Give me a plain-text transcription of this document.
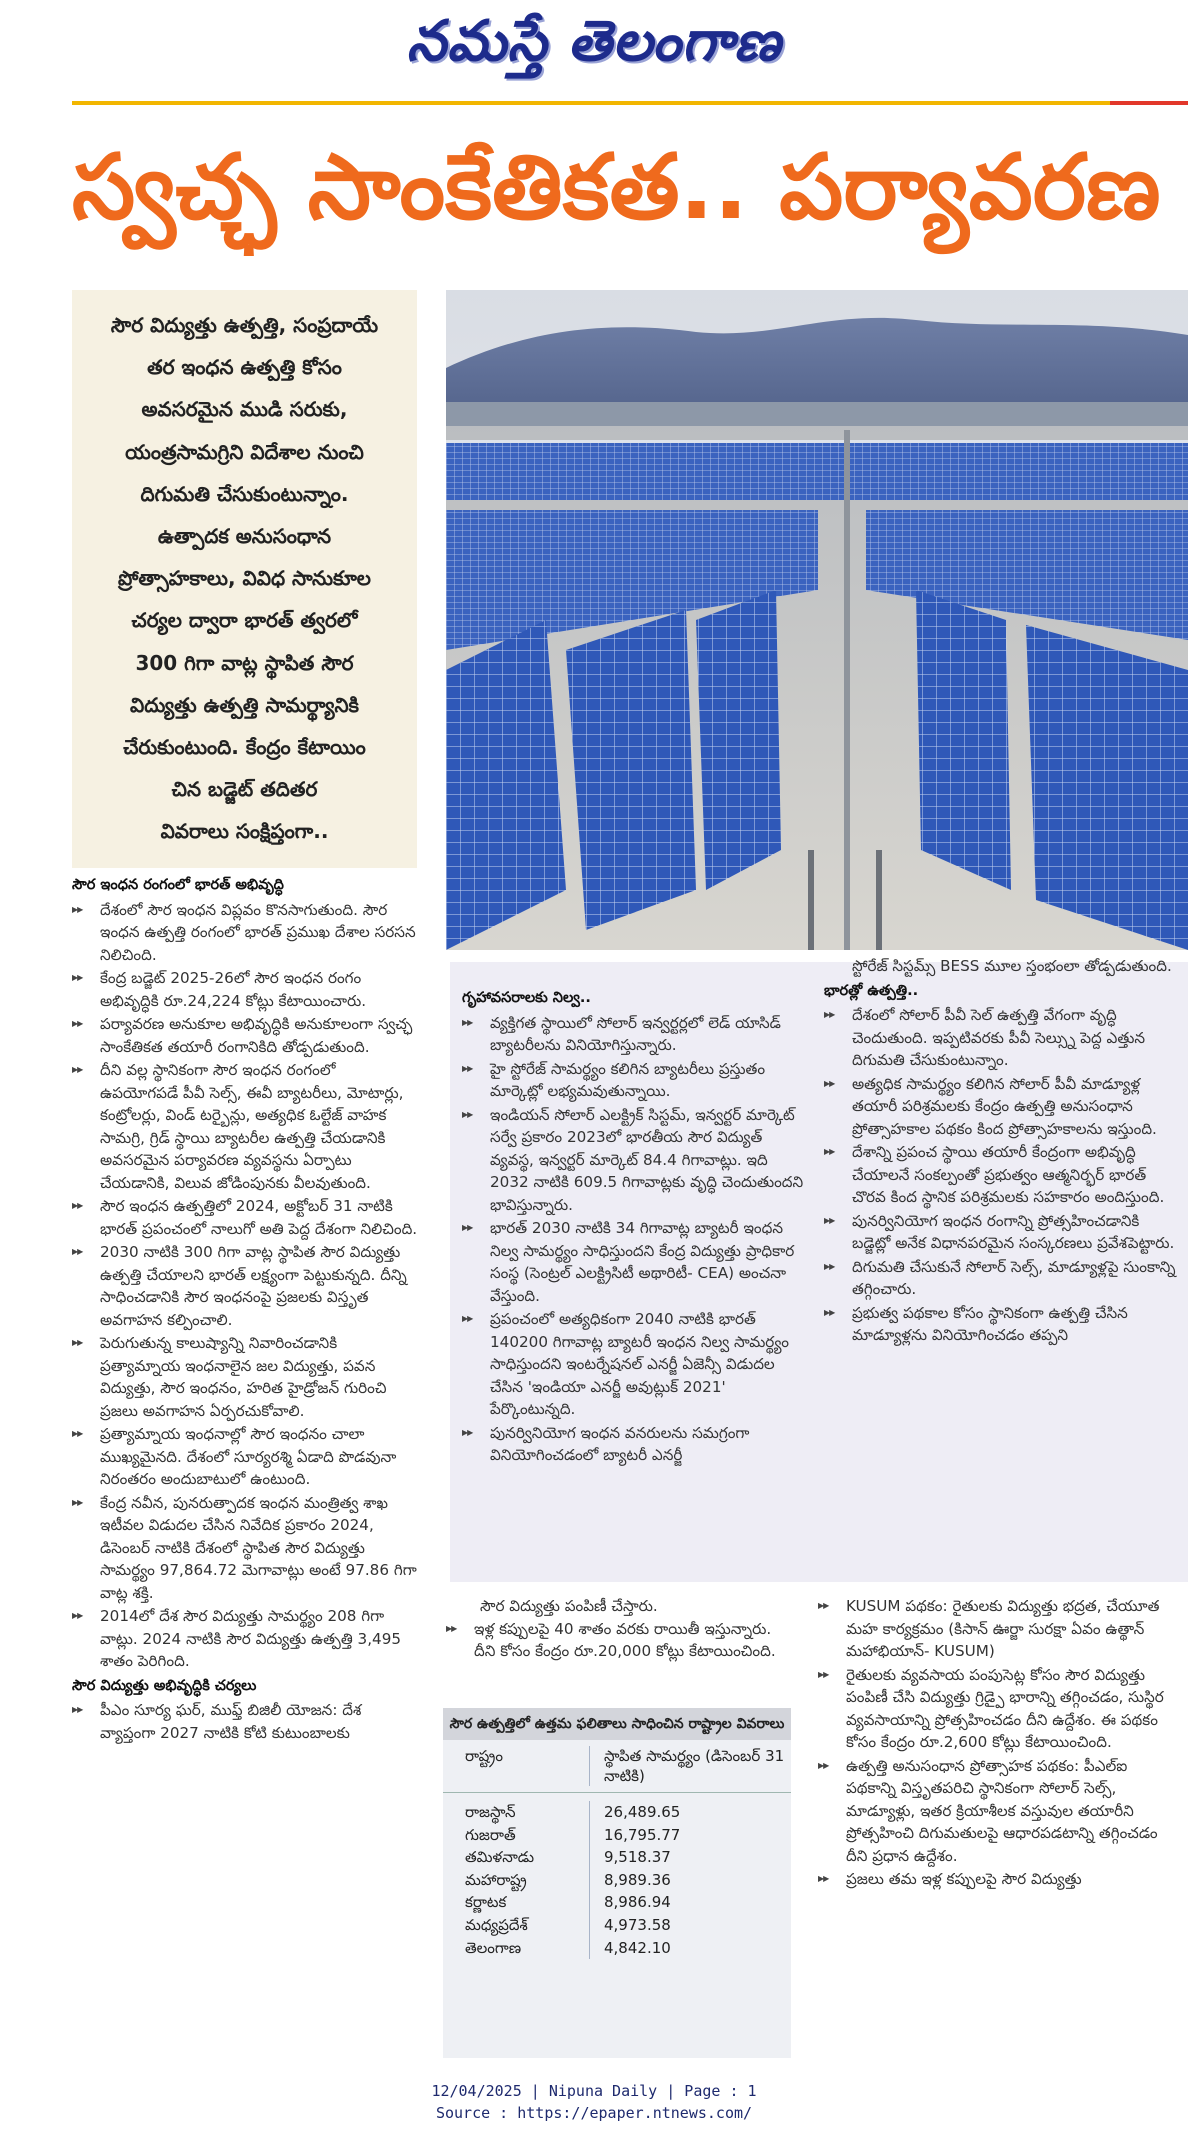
నమస్తే తెలంగాణ
స్వచ్ఛ సాంకేతికత.. పర్యావరణ
సౌర విద్యుత్తు ఉత్పత్తి, సంప్రదాయే
తర ఇంధన ఉత్పత్తి కోసం
అవసరమైన ముడి సరుకు,
యంత్రసామగ్రిని విదేశాల నుంచి
దిగుమతి చేసుకుంటున్నాం.
ఉత్పాదక అనుసంధాన
ప్రోత్సాహకాలు, వివిధ సానుకూల
చర్యల ద్వారా భారత్ త్వరలో
300 గిగా వాట్ల స్థాపిత సౌర
విద్యుత్తు ఉత్పత్తి సామర్థ్యానికి
చేరుకుంటుంది. కేంద్రం కేటాయిం
చిన బడ్జెట్ తదితర
వివరాలు సంక్షిప్తంగా..
సౌర ఇంధన రంగంలో భారత్ అభివృద్ధి
▶▶ దేశంలో సౌర ఇంధన విప్లవం కొనసాగుతుంది. సౌర ఇంధన ఉత్పత్తి రంగంలో భారత్ ప్రముఖ దేశాల సరసన నిలిచింది.
▶▶ కేంద్ర బడ్జెట్ 2025-26లో సౌర ఇంధన రంగం అభివృద్ధికి రూ.24,224 కోట్లు కేటాయించారు.
▶▶ పర్యావరణ అనుకూల అభివృద్ధికి అనుకూలంగా స్వచ్ఛ సాంకేతికత తయారీ రంగానికిది తోడ్పడుతుంది.
▶▶ దీని వల్ల స్థానికంగా సౌర ఇంధన రంగంలో ఉపయోగపడే పీవీ సెల్స్, ఈవీ బ్యాటరీలు, మోటార్లు, కంట్రోలర్లు, విండ్ టర్బైన్లు, అత్యధిక ఓల్టేజ్ వాహక సామగ్రి, గ్రిడ్ స్థాయి బ్యాటరీల ఉత్పత్తి చేయడానికి అవసరమైన పర్యావరణ వ్యవస్థను ఏర్పాటు చేయడానికి, విలువ జోడింపునకు వీలవుతుంది.
▶▶ సౌర ఇంధన ఉత్పత్తిలో 2024, అక్టోబర్ 31 నాటికి భారత్ ప్రపంచంలో నాలుగో అతి పెద్ద దేశంగా నిలిచింది.
▶▶ 2030 నాటికి 300 గిగా వాట్ల స్థాపిత సౌర విద్యుత్తు ఉత్పత్తి చేయాలని భారత్ లక్ష్యంగా పెట్టుకున్నది. దీన్ని సాధించడానికి సౌర ఇంధనంపై ప్రజలకు విస్తృత అవగాహన కల్పించాలి.
▶▶ పెరుగుతున్న కాలుష్యాన్ని నివారించడానికి ప్రత్యామ్నాయ ఇంధనాలైన జల విద్యుత్తు, పవన విద్యుత్తు, సౌర ఇంధనం, హరిత హైడ్రోజన్ గురించి ప్రజలు అవగాహన ఏర్పరచుకోవాలి.
▶▶ ప్రత్యామ్నాయ ఇంధనాల్లో సౌర ఇంధనం చాలా ముఖ్యమైనది. దేశంలో సూర్యరశ్మి ఏడాది పొడవునా నిరంతరం అందుబాటులో ఉంటుంది.
▶▶ కేంద్ర నవీన, పునరుత్పాదక ఇంధన మంత్రిత్వ శాఖ ఇటీవల విడుదల చేసిన నివేదిక ప్రకారం 2024, డిసెంబర్ నాటికి దేశంలో స్థాపిత సౌర విద్యుత్తు సామర్థ్యం 97,864.72 మెగావాట్లు అంటే 97.86 గిగా వాట్ల శక్తి.
▶▶ 2014లో దేశ సౌర విద్యుత్తు సామర్థ్యం 208 గిగా వాట్లు. 2024 నాటికి సౌర విద్యుత్తు ఉత్పత్తి 3,495 శాతం పెరిగింది.
సౌర విద్యుత్తు అభివృద్ధికి చర్యలు
▶▶ పీఎం సూర్య ఘర్, ముఫ్త్ బిజిలీ యోజన: దేశ వ్యాప్తంగా 2027 నాటికి కోటి కుటుంబాలకు
గృహావసరాలకు నిల్వ..
▶▶ వ్యక్తిగత స్థాయిలో సోలార్ ఇన్వర్టర్లలో లెడ్ యాసిడ్ బ్యాటరీలను వినియోగిస్తున్నారు.
▶▶ హై స్టోరేజ్ సామర్థ్యం కలిగిన బ్యాటరీలు ప్రస్తుతం మార్కెట్లో లభ్యమవుతున్నాయి.
▶▶ ఇండియన్ సోలార్ ఎలక్ట్రిక్ సిస్టమ్, ఇన్వర్టర్ మార్కెట్ సర్వే ప్రకారం 2023లో భారతీయ సౌర విద్యుత్ వ్యవస్థ, ఇన్వర్టర్ మార్కెట్ 84.4 గిగావాట్లు. ఇది 2032 నాటికి 609.5 గిగావాట్లకు వృద్ధి చెందుతుందని భావిస్తున్నారు.
▶▶ భారత్ 2030 నాటికి 34 గిగావాట్ల బ్యాటరీ ఇంధన నిల్వ సామర్థ్యం సాధిస్తుందని కేంద్ర విద్యుత్తు ప్రాధికార సంస్థ (సెంట్రల్ ఎలక్ట్రిసిటీ అథారిటీ- CEA) అంచనా వేస్తుంది.
▶▶ ప్రపంచంలో అత్యధికంగా 2040 నాటికి భారత్ 140200 గిగావాట్ల బ్యాటరీ ఇంధన నిల్వ సామర్థ్యం సాధిస్తుందని ఇంటర్నేషనల్ ఎనర్జీ ఏజెన్సీ విడుదల చేసిన 'ఇండియా ఎనర్జీ అవుట్లుక్ 2021' పేర్కొంటున్నది.
▶▶ పునర్వినియోగ ఇంధన వనరులను సమగ్రంగా వినియోగించడంలో బ్యాటరీ ఎనర్జీ
స్టోరేజ్ సిస్టమ్స్ BESS మూల స్తంభంలా తోడ్పడుతుంది.
భారత్లో ఉత్పత్తి..
▶▶ దేశంలో సోలార్ పీవీ సెల్ ఉత్పత్తి వేగంగా వృద్ధి చెందుతుంది. ఇప్పటివరకు పీవీ సెల్స్ను పెద్ద ఎత్తున దిగుమతి చేసుకుంటున్నాం.
▶▶ అత్యధిక సామర్థ్యం కలిగిన సోలార్ పీవీ మాడ్యూళ్ల తయారీ పరిశ్రమలకు కేంద్రం ఉత్పత్తి అనుసంధాన ప్రోత్సాహకాల పథకం కింద ప్రోత్సాహకాలను ఇస్తుంది.
▶▶ దేశాన్ని ప్రపంచ స్థాయి తయారీ కేంద్రంగా అభివృద్ధి చేయాలనే సంకల్పంతో ప్రభుత్వం ఆత్మనిర్భర్ భారత్ చొరవ కింద స్థానిక పరిశ్రమలకు సహకారం అందిస్తుంది.
▶▶ పునర్వినియోగ ఇంధన రంగాన్ని ప్రోత్సహించడానికి బడ్జెట్లో అనేక విధానపరమైన సంస్కరణలు ప్రవేశపెట్టారు.
▶▶ దిగుమతి చేసుకునే సోలార్ సెల్స్, మాడ్యూళ్లపై సుంకాన్ని తగ్గించారు.
▶▶ ప్రభుత్వ పథకాల కోసం స్థానికంగా ఉత్పత్తి చేసిన మాడ్యూళ్లను వినియోగించడం తప్పని
సౌర విద్యుత్తు పంపిణీ చేస్తారు.
▶▶ ఇళ్ల కప్పులపై 40 శాతం వరకు రాయితీ ఇస్తున్నారు. దీని కోసం కేంద్రం రూ.20,000 కోట్లు కేటాయించింది.
సౌర ఉత్పత్తిలో ఉత్తమ ఫలితాలు సాధించిన రాష్ట్రాల వివరాలు
రాష్ట్రం	స్థాపిత సామర్థ్యం (డిసెంబర్ 31 నాటికి)
రాజస్థాన్	26,489.65
గుజరాత్	16,795.77
తమిళనాడు	9,518.37
మహారాష్ట్ర	8,989.36
కర్ణాటక	8,986.94
మధ్యప్రదేశ్	4,973.58
తెలంగాణ	4,842.10
▶▶ KUSUM పథకం: రైతులకు విద్యుత్తు భద్రత, చేయూత మహ కార్యక్రమం (కిసాన్ ఊర్జా సురక్షా ఏవం ఉత్థాన్ మహాభియాన్- KUSUM)
▶▶ రైతులకు వ్యవసాయ పంపుసెట్ల కోసం సౌర విద్యుత్తు పంపిణీ చేసి విద్యుత్తు గ్రిడ్పై భారాన్ని తగ్గించడం, సుస్థిర వ్యవసాయాన్ని ప్రోత్సహించడం దీని ఉద్దేశం. ఈ పథకం కోసం కేంద్రం రూ.2,600 కోట్లు కేటాయించింది.
▶▶ ఉత్పత్తి అనుసంధాన ప్రోత్సాహక పథకం: పీఎల్ఐ పథకాన్ని విస్తృతపరిచి స్థానికంగా సోలార్ సెల్స్, మాడ్యూళ్లు, ఇతర క్రియాశీలక వస్తువుల తయారీని ప్రోత్సహించి దిగుమతులపై ఆధారపడటాన్ని తగ్గించడం దీని ప్రధాన ఉద్దేశం.
▶▶ ప్రజలు తమ ఇళ్ల కప్పులపై సౌర విద్యుత్తు
12/04/2025 | Nipuna Daily | Page : 1
Source : https://epaper.ntnews.com/
